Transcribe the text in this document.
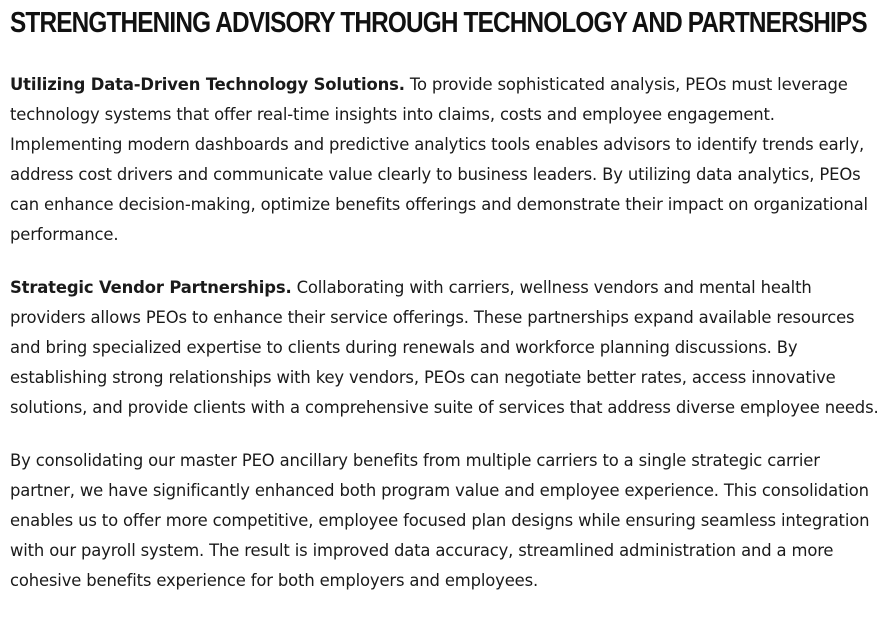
STRENGTHENING ADVISORY THROUGH TECHNOLOGY AND PARTNERSHIPS

Utilizing Data-Driven Technology Solutions. To provide sophisticated analysis, PEOs must leverage technology systems that offer real-time insights into claims, costs and employee engagement. Implementing modern dashboards and predictive analytics tools enables advisors to identify trends early, address cost drivers and communicate value clearly to business leaders. By utilizing data analytics, PEOs can enhance decision-making, optimize benefits offerings and demonstrate their impact on organizational performance.

Strategic Vendor Partnerships. Collaborating with carriers, wellness vendors and mental health providers allows PEOs to enhance their service offerings. These partnerships expand available resources and bring specialized expertise to clients during renewals and workforce planning discussions. By establishing strong relationships with key vendors, PEOs can negotiate better rates, access innovative solutions, and provide clients with a comprehensive suite of services that address diverse employee needs.

By consolidating our master PEO ancillary benefits from multiple carriers to a single strategic carrier partner, we have significantly enhanced both program value and employee experience. This consolidation enables us to offer more competitive, employee focused plan designs while ensuring seamless integration with our payroll system. The result is improved data accuracy, streamlined administration and a more cohesive benefits experience for both employers and employees.
